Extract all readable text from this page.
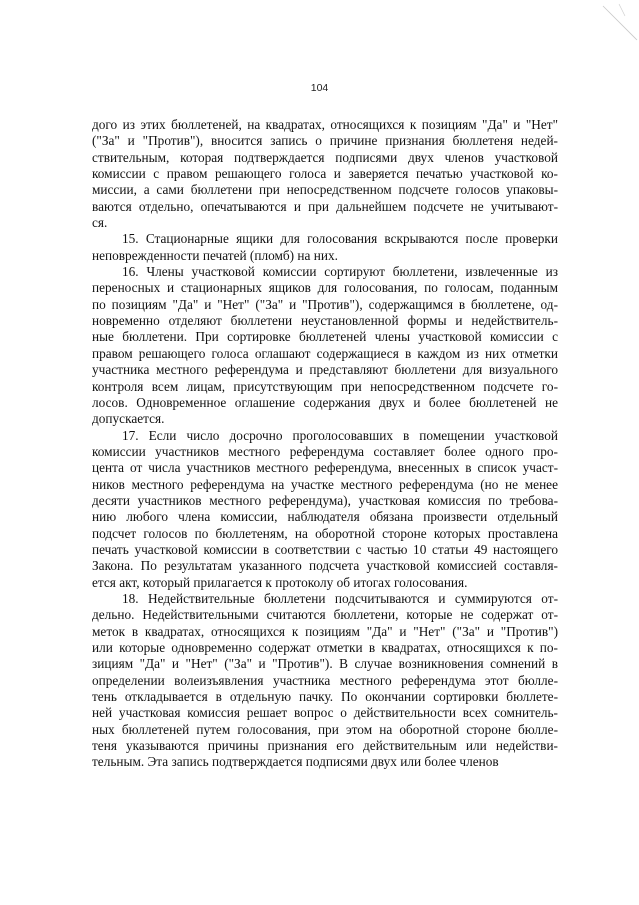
104
дого из этих бюллетеней, на квадратах, относящихся к позициям "Да" и "Нет"
("За" и "Против"), вносится запись о причине признания бюллетеня недей-
ствительным, которая подтверждается подписями двух членов участковой
комиссии с правом решающего голоса и заверяется печатью участковой ко-
миссии, а сами бюллетени при непосредственном подсчете голосов упаковы-
ваются отдельно, опечатываются и при дальнейшем подсчете не учитывают-
ся.
15. Стационарные ящики для голосования вскрываются после проверки
неповрежденности печатей (пломб) на них.
16. Члены участковой комиссии сортируют бюллетени, извлеченные из
переносных и стационарных ящиков для голосования, по голосам, поданным
по позициям "Да" и "Нет" ("За" и "Против"), содержащимся в бюллетене, од-
новременно отделяют бюллетени неустановленной формы и недействитель-
ные бюллетени. При сортировке бюллетеней члены участковой комиссии с
правом решающего голоса оглашают содержащиеся в каждом из них отметки
участника местного референдума и представляют бюллетени для визуального
контроля всем лицам, присутствующим при непосредственном подсчете го-
лосов. Одновременное оглашение содержания двух и более бюллетеней не
допускается.
17. Если число досрочно проголосовавших в помещении участковой
комиссии участников местного референдума составляет более одного про-
цента от числа участников местного референдума, внесенных в список участ-
ников местного референдума на участке местного референдума (но не менее
десяти участников местного референдума), участковая комиссия по требова-
нию любого члена комиссии, наблюдателя обязана произвести отдельный
подсчет голосов по бюллетеням, на оборотной стороне которых проставлена
печать участковой комиссии в соответствии с частью 10 статьи 49 настоящего
Закона. По результатам указанного подсчета участковой комиссией составля-
ется акт, который прилагается к протоколу об итогах голосования.
18. Недействительные бюллетени подсчитываются и суммируются от-
дельно. Недействительными считаются бюллетени, которые не содержат от-
меток в квадратах, относящихся к позициям "Да" и "Нет" ("За" и "Против")
или которые одновременно содержат отметки в квадратах, относящихся к по-
зициям "Да" и "Нет" ("За" и "Против"). В случае возникновения сомнений в
определении волеизъявления участника местного референдума этот бюлле-
тень откладывается в отдельную пачку. По окончании сортировки бюллете-
ней участковая комиссия решает вопрос о действительности всех сомнитель-
ных бюллетеней путем голосования, при этом на оборотной стороне бюлле-
теня указываются причины признания его действительным или недействи-
тельным. Эта запись подтверждается подписями двух или более членов
